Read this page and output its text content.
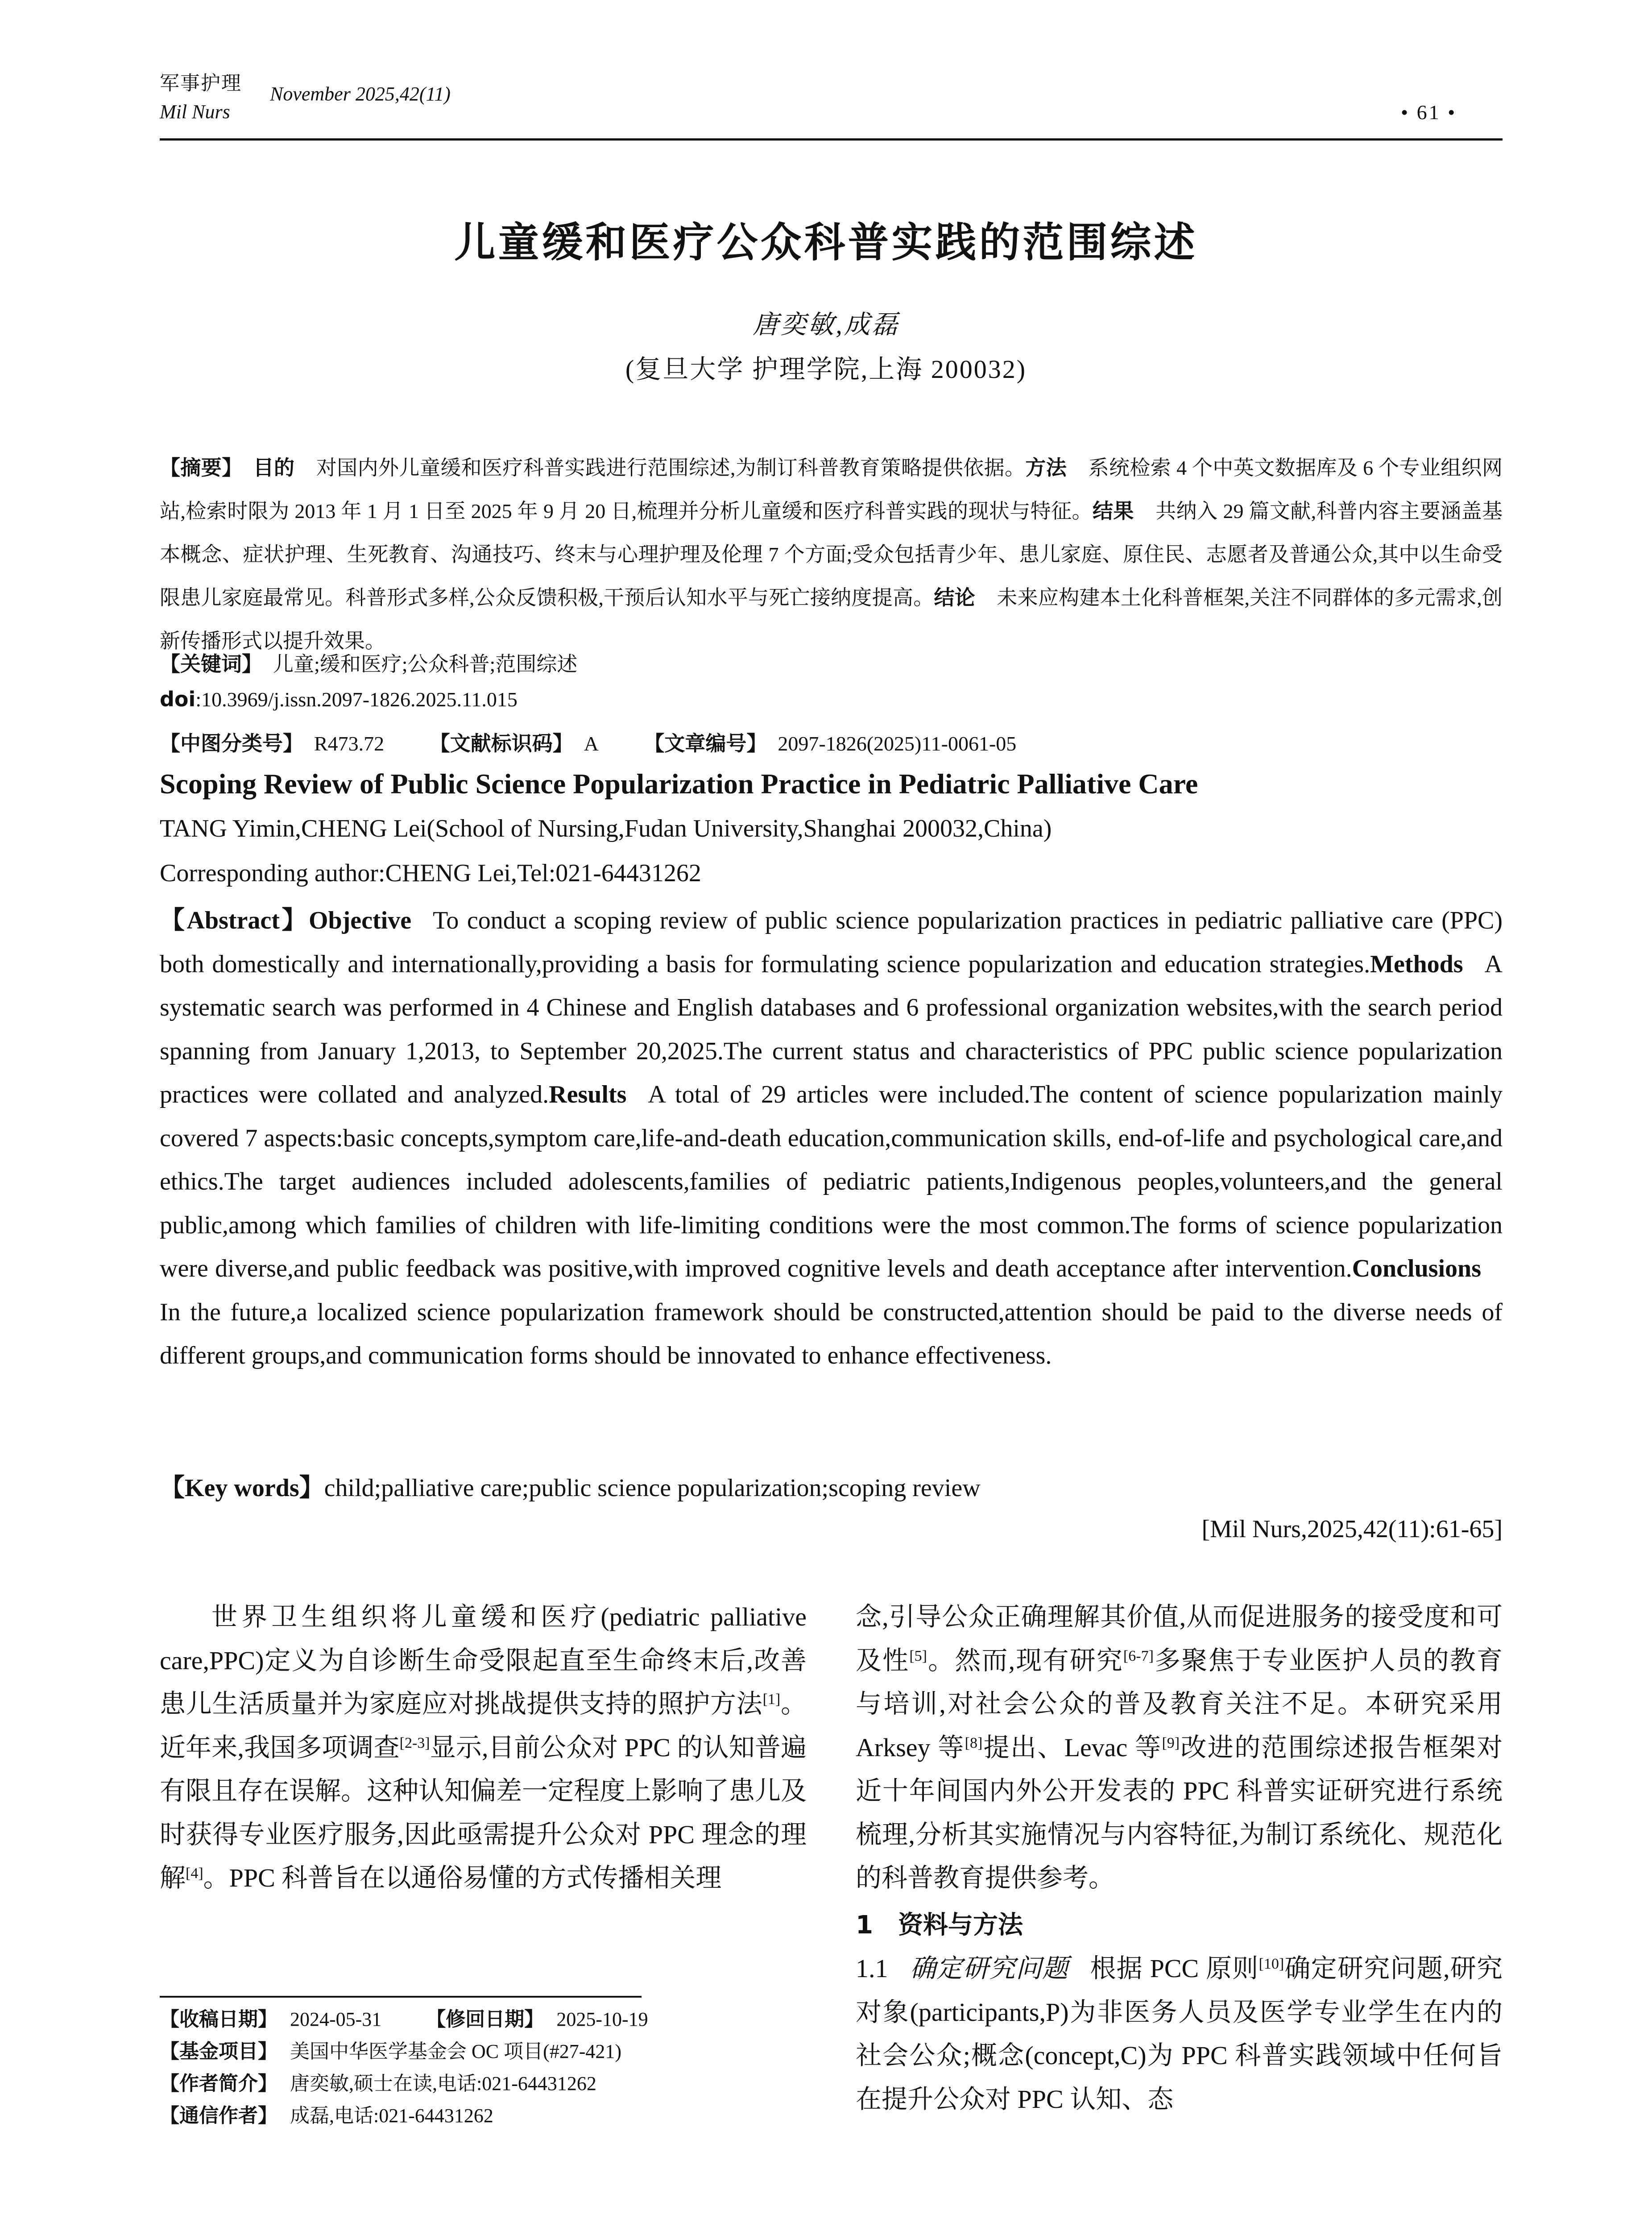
军事护理
Mil Nurs
November 2025,42(11)
• 61 •
儿童缓和医疗公众科普实践的范围综述
唐奕敏,成磊
(复旦大学 护理学院,上海 200032)
【摘要】 目的 对国内外儿童缓和医疗科普实践进行范围综述,为制订科普教育策略提供依据。方法 系统检索 4 个中英文数据库及 6 个专业组织网站,检索时限为 2013 年 1 月 1 日至 2025 年 9 月 20 日,梳理并分析儿童缓和医疗科普实践的现状与特征。结果 共纳入 29 篇文献,科普内容主要涵盖基本概念、症状护理、生死教育、沟通技巧、终末与心理护理及伦理 7 个方面;受众包括青少年、患儿家庭、原住民、志愿者及普通公众,其中以生命受限患儿家庭最常见。科普形式多样,公众反馈积极,干预后认知水平与死亡接纳度提高。结论 未来应构建本土化科普框架,关注不同群体的多元需求,创新传播形式以提升效果。
【关键词】 儿童;缓和医疗;公众科普;范围综述
doi:10.3969/j.issn.2097-1826.2025.11.015
【中图分类号】 R473.72 【文献标识码】 A 【文章编号】 2097-1826(2025)11-0061-05
Scoping Review of Public Science Popularization Practice in Pediatric Palliative Care
TANG Yimin,CHENG Lei(School of Nursing,Fudan University,Shanghai 200032,China)
Corresponding author:CHENG Lei,Tel:021-64431262
【Abstract】Objective To conduct a scoping review of public science popularization practices in pediatric palliative care (PPC) both domestically and internationally,providing a basis for formulating science popularization and education strategies.Methods A systematic search was performed in 4 Chinese and English databases and 6 professional organization websites,with the search period spanning from January 1,2013, to September 20,2025.The current status and characteristics of PPC public science popularization practices were collated and analyzed.Results A total of 29 articles were included.The content of science popularization mainly covered 7 aspects:basic concepts,symptom care,life-and-death education,communication skills, end-of-life and psychological care,and ethics.The target audiences included adolescents,families of pediatric patients,Indigenous peoples,volunteers,and the general public,among which families of children with life-limiting conditions were the most common.The forms of science popularization were diverse,and public feedback was positive,with improved cognitive levels and death acceptance after intervention.ConclusionsIn the future,a localized science popularization framework should be constructed,attention should be paid to the diverse needs of different groups,and communication forms should be innovated to enhance effectiveness.
【Key words】child;palliative care;public science popularization;scoping review
[Mil Nurs,2025,42(11):61-65]

世界卫生组织将儿童缓和医疗(pediatric palliative care,PPC)定义为自诊断生命受限起直至生命终末后,改善患儿生活质量并为家庭应对挑战提供支持的照护方法[1]。近年来,我国多项调查[2-3]显示,目前公众对 PPC 的认知普遍有限且存在误解。这种认知偏差一定程度上影响了患儿及时获得专业医疗服务,因此亟需提升公众对 PPC 理念的理解[4]。PPC 科普旨在以通俗易懂的方式传播相关理

念,引导公众正确理解其价值,从而促进服务的接受度和可及性[5]。然而,现有研究[6-7]多聚焦于专业医护人员的教育与培训,对社会公众的普及教育关注不足。本研究采用 Arksey 等[8]提出、Levac 等[9]改进的范围综述报告框架对近十年间国内外公开发表的 PPC 科普实证研究进行系统梳理,分析其实施情况与内容特征,为制订系统化、规范化的科普教育提供参考。

1　资料与方法

1.1 确定研究问题 根据 PCC 原则[10]确定研究问题,研究对象(participants,P)为非医务人员及医学专业学生在内的社会公众;概念(concept,C)为 PPC 科普实践领域中任何旨在提升公众对 PPC 认知、态

【收稿日期】 2024-05-31 【修回日期】 2025-10-19
【基金项目】 美国中华医学基金会 OC 项目(#27-421)
【作者简介】 唐奕敏,硕士在读,电话:021-64431262
【通信作者】 成磊,电话:021-64431262
